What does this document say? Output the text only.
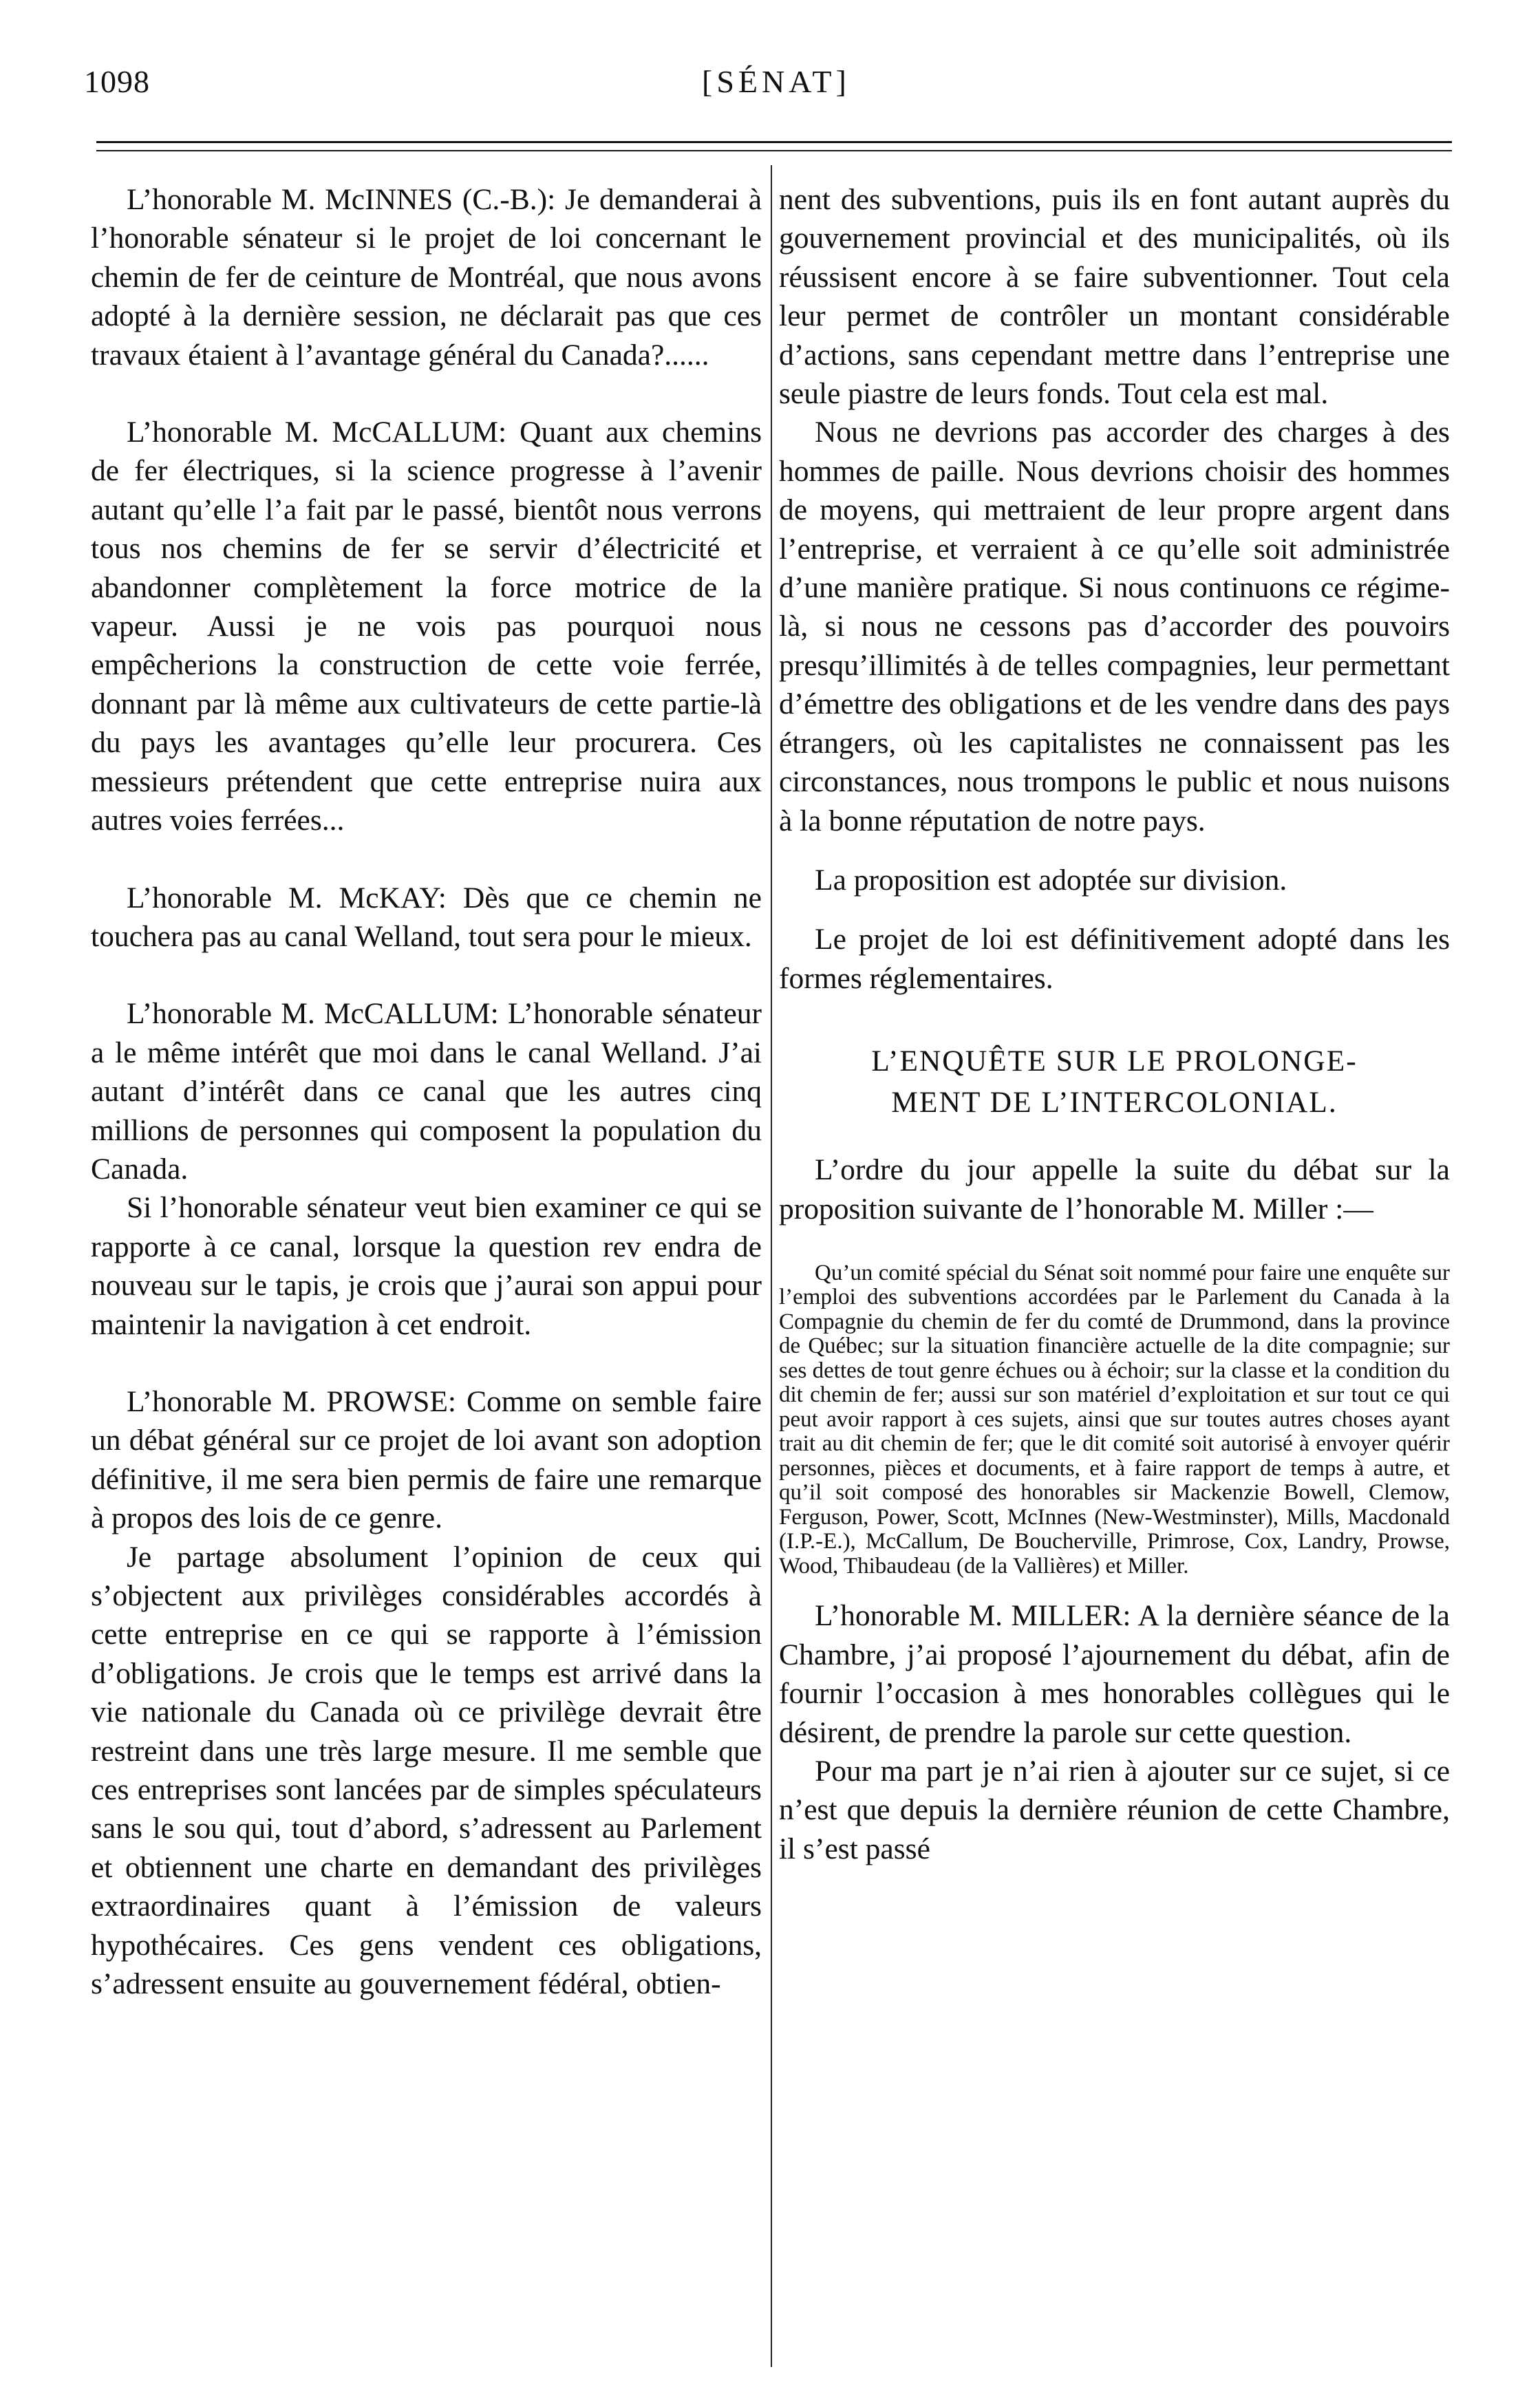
1098	[SÉNAT]

L’honorable M. McINNES (C.-B.): Je demanderai à l’honorable sénateur si le projet de loi concernant le chemin de fer de ceinture de Montréal, que nous avons adopté à la dernière session, ne déclarait pas que ces travaux étaient à l’avantage général du Canada?......

L’honorable M. McCALLUM: Quant aux chemins de fer électriques, si la science progresse à l’avenir autant qu’elle l’a fait par le passé, bientôt nous verrons tous nos chemins de fer se servir d’électricité et abandonner complètement la force motrice de la vapeur. Aussi je ne vois pas pourquoi nous empêcherions la construction de cette voie ferrée, donnant par là même aux cultivateurs de cette partie-là du pays les avantages qu’elle leur procurera. Ces messieurs prétendent que cette entreprise nuira aux autres voies ferrées...

L’honorable M. McKAY: Dès que ce chemin ne touchera pas au canal Welland, tout sera pour le mieux.

L’honorable M. McCALLUM: L’honorable sénateur a le même intérêt que moi dans le canal Welland. J’ai autant d’intérêt dans ce canal que les autres cinq millions de personnes qui composent la population du Canada.

Si l’honorable sénateur veut bien examiner ce qui se rapporte à ce canal, lorsque la question rev endra de nouveau sur le tapis, je crois que j’aurai son appui pour maintenir la navigation à cet endroit.

L’honorable M. PROWSE: Comme on semble faire un débat général sur ce projet de loi avant son adoption définitive, il me sera bien permis de faire une remarque à propos des lois de ce genre.

Je partage absolument l’opinion de ceux qui s’objectent aux privilèges considérables accordés à cette entreprise en ce qui se rapporte à l’émission d’obligations. Je crois que le temps est arrivé dans la vie nationale du Canada où ce privilège devrait être restreint dans une très large mesure. Il me semble que ces entreprises sont lancées par de simples spéculateurs sans le sou qui, tout d’abord, s’adressent au Parlement et obtiennent une charte en demandant des privilèges extraordinaires quant à l’émission de valeurs hypothécaires. Ces gens vendent ces obligations, s’adressent ensuite au gouvernement fédéral, obtien-

nent des subventions, puis ils en font autant auprès du gouvernement provincial et des municipalités, où ils réussisent encore à se faire subventionner. Tout cela leur permet de contrôler un montant considérable d’actions, sans cependant mettre dans l’entreprise une seule piastre de leurs fonds. Tout cela est mal.

Nous ne devrions pas accorder des charges à des hommes de paille. Nous devrions choisir des hommes de moyens, qui mettraient de leur propre argent dans l’entreprise, et verraient à ce qu’elle soit administrée d’une manière pratique. Si nous continuons ce régime-là, si nous ne cessons pas d’accorder des pouvoirs presqu’illimités à de telles compagnies, leur permettant d’émettre des obligations et de les vendre dans des pays étrangers, où les capitalistes ne connaissent pas les circonstances, nous trompons le public et nous nuisons à la bonne réputation de notre pays.

La proposition est adoptée sur division.

Le projet de loi est définitivement adopté dans les formes réglementaires.

L’ENQUÊTE SUR LE PROLONGE-
MENT DE L’INTERCOLONIAL.

L’ordre du jour appelle la suite du débat sur la proposition suivante de l’honorable M. Miller :—

Qu’un comité spécial du Sénat soit nommé pour faire une enquête sur l’emploi des subventions accordées par le Parlement du Canada à la Compagnie du chemin de fer du comté de Drummond, dans la province de Québec; sur la situation financière actuelle de la dite compagnie; sur ses dettes de tout genre échues ou à échoir; sur la classe et la condition du dit chemin de fer; aussi sur son matériel d’exploitation et sur tout ce qui peut avoir rapport à ces sujets, ainsi que sur toutes autres choses ayant trait au dit chemin de fer; que le dit comité soit autorisé à envoyer quérir personnes, pièces et documents, et à faire rapport de temps à autre, et qu’il soit composé des honorables sir Mackenzie Bowell, Clemow, Ferguson, Power, Scott, McInnes (New-Westminster), Mills, Macdonald (I.P.-E.), McCallum, De Boucherville, Primrose, Cox, Landry, Prowse, Wood, Thibaudeau (de la Vallières) et Miller.

L’honorable M. MILLER: A la dernière séance de la Chambre, j’ai proposé l’ajournement du débat, afin de fournir l’occasion à mes honorables collègues qui le désirent, de prendre la parole sur cette question.

Pour ma part je n’ai rien à ajouter sur ce sujet, si ce n’est que depuis la dernière réunion de cette Chambre, il s’est passé
